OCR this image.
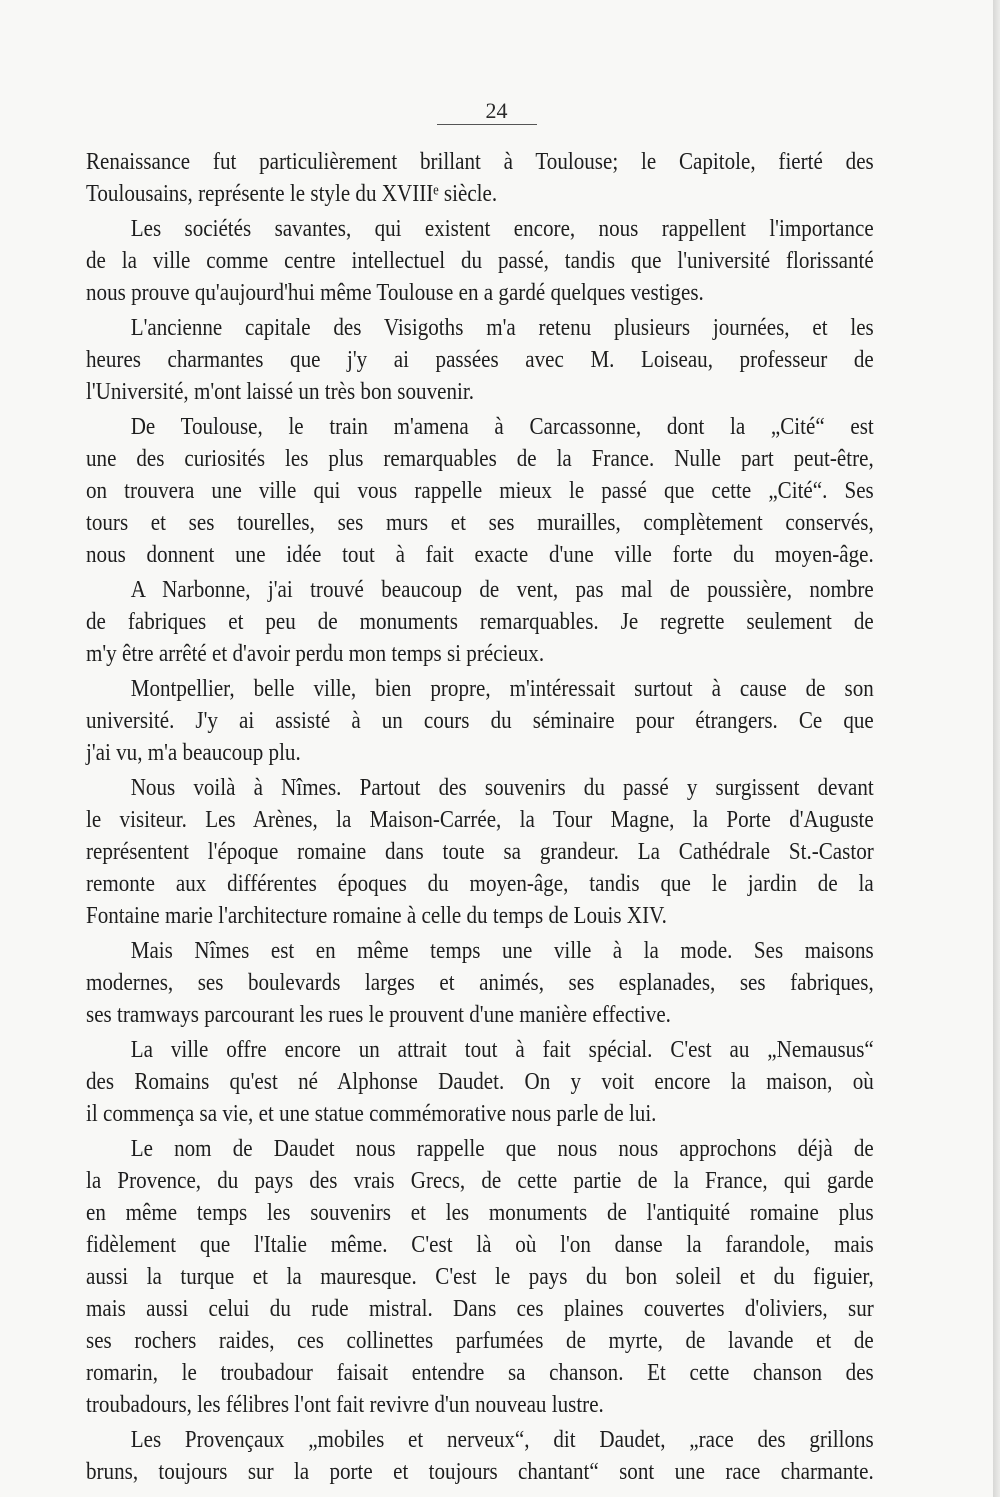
24
Renaissance fut particulièrement brillant à Toulouse; le Capitole, fierté des
Toulousains, représente le style du XVIIIᵉ siècle.
Les sociétés savantes, qui existent encore, nous rappellent l'importance
de la ville comme centre intellectuel du passé, tandis que l'université florissanté
nous prouve qu'aujourd'hui même Toulouse en a gardé quelques vestiges.
L'ancienne capitale des Visigoths m'a retenu plusieurs journées, et les
heures charmantes que j'y ai passées avec M. Loiseau, professeur de
l'Université, m'ont laissé un très bon souvenir.
De Toulouse, le train m'amena à Carcassonne, dont la „Cité“ est
une des curiosités les plus remarquables de la France. Nulle part peut-être,
on trouvera une ville qui vous rappelle mieux le passé que cette „Cité“. Ses
tours et ses tourelles, ses murs et ses murailles, complètement conservés,
nous donnent une idée tout à fait exacte d'une ville forte du moyen-âge.
A Narbonne, j'ai trouvé beaucoup de vent, pas mal de poussière, nombre
de fabriques et peu de monuments remarquables. Je regrette seulement de
m'y être arrêté et d'avoir perdu mon temps si précieux.
Montpellier, belle ville, bien propre, m'intéressait surtout à cause de son
université. J'y ai assisté à un cours du séminaire pour étrangers. Ce que
j'ai vu, m'a beaucoup plu.
Nous voilà à Nîmes. Partout des souvenirs du passé y surgissent devant
le visiteur. Les Arènes, la Maison-Carrée, la Tour Magne, la Porte d'Auguste
représentent l'époque romaine dans toute sa grandeur. La Cathédrale St.-Castor
remonte aux différentes époques du moyen-âge, tandis que le jardin de la
Fontaine marie l'architecture romaine à celle du temps de Louis XIV.
Mais Nîmes est en même temps une ville à la mode. Ses maisons
modernes, ses boulevards larges et animés, ses esplanades, ses fabriques,
ses tramways parcourant les rues le prouvent d'une manière effective.
La ville offre encore un attrait tout à fait spécial. C'est au „Nemausus“
des Romains qu'est né Alphonse Daudet. On y voit encore la maison, où
il commença sa vie, et une statue commémorative nous parle de lui.
Le nom de Daudet nous rappelle que nous nous approchons déjà de
la Provence, du pays des vrais Grecs, de cette partie de la France, qui garde
en même temps les souvenirs et les monuments de l'antiquité romaine plus
fidèlement que l'Italie même. C'est là où l'on danse la farandole, mais
aussi la turque et la mauresque. C'est le pays du bon soleil et du figuier,
mais aussi celui du rude mistral. Dans ces plaines couvertes d'oliviers, sur
ses rochers raides, ces collinettes parfumées de myrte, de lavande et de
romarin, le troubadour faisait entendre sa chanson. Et cette chanson des
troubadours, les félibres l'ont fait revivre d'un nouveau lustre.
Les Provençaux „mobiles et nerveux“, dit Daudet, „race des grillons
bruns, toujours sur la porte et toujours chantant“ sont une race charmante.
